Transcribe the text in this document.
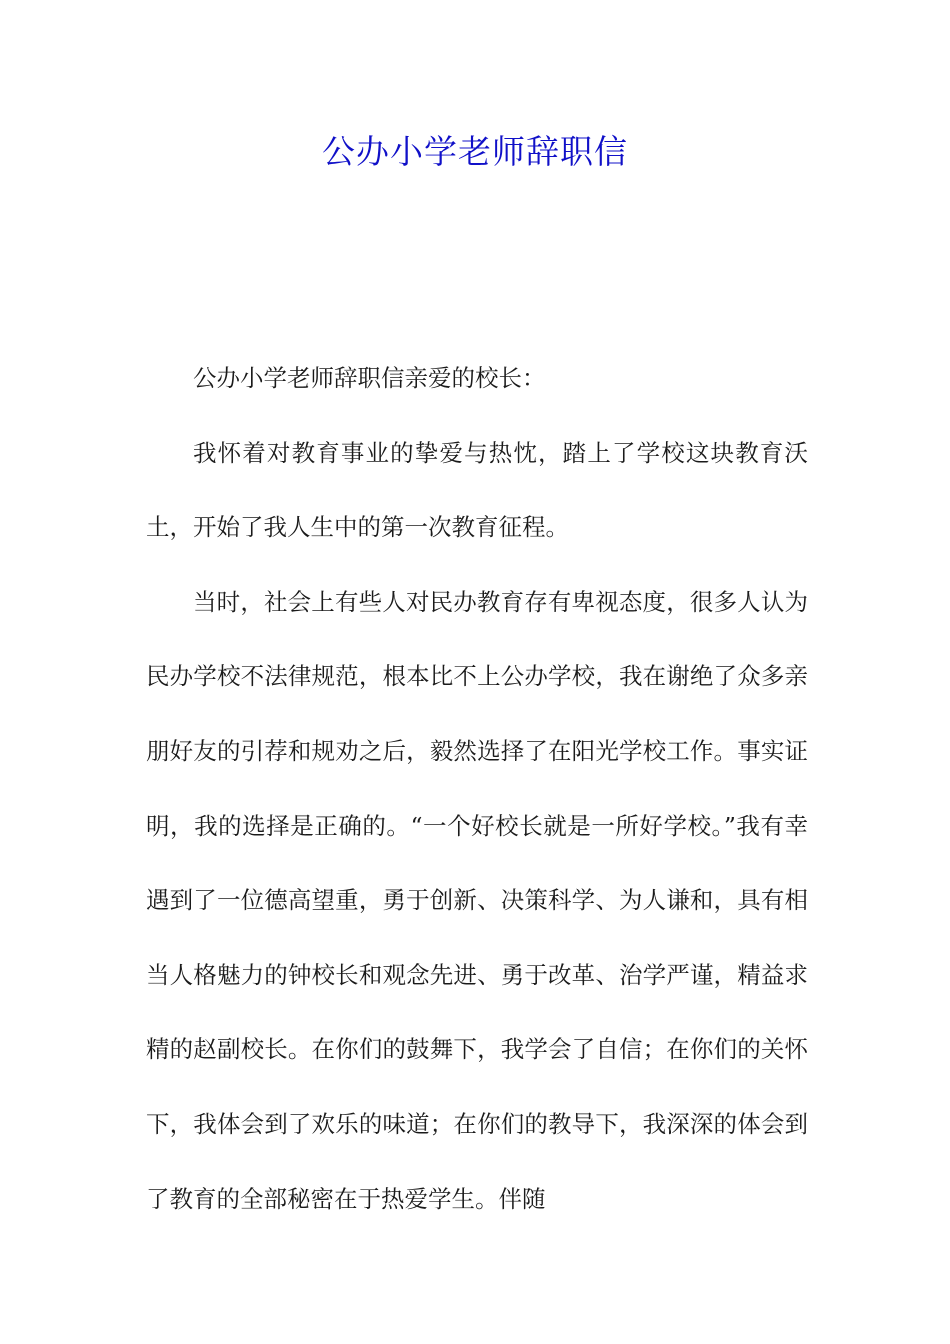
公办小学老师辞职信

公办小学老师辞职信亲爱的校长：

我怀着对教育事业的挚爱与热忱，踏上了学校这块教育沃土，开始了我人生中的第一次教育征程。

当时，社会上有些人对民办教育存有卑视态度，很多人认为民办学校不法律规范，根本比不上公办学校，我在谢绝了众多亲朋好友的引荐和规劝之后，毅然选择了在阳光学校工作。事实证明，我的选择是正确的。“一个好校长就是一所好学校。”我有幸遇到了一位德高望重，勇于创新、决策科学、为人谦和，具有相当人格魅力的钟校长和观念先进、勇于改革、治学严谨，精益求精的赵副校长。在你们的鼓舞下，我学会了自信；在你们的关怀下，我体会到了欢乐的味道；在你们的教导下，我深深的体会到了教育的全部秘密在于热爱学生。伴随
